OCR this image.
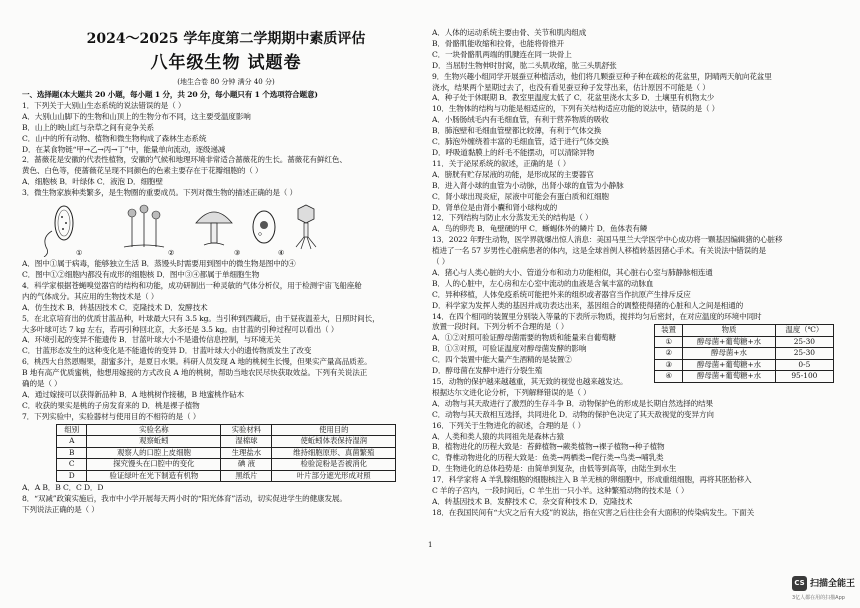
2024～2025 学年度第二学期期中素质评估
八年级生物 试题卷
(地生合卷 80 分钟 满分 40 分)
一、选择题(本大题共 20 小题，每小题 1 分，共 20 分，每小题只有 1 个选项符合题意)
1．下列关于大别山生态系统的说法错误的是（ ）
A．大别山山脚下的生物和山顶上的生物分布不同，这主要受温度影响
B．山上的映山红与杂草之间有竞争关系
C．山中的所有动物、植物和微生物构成了森林生态系统
D．在某食物链“甲→乙→丙→丁”中，能量单向流动，逐级递减
2．蔷薇花是安徽的代表性植物，安徽的气候和地理环境非常适合蔷薇花的生长。蔷薇花有鲜红色、
黄色、白色等，使蔷薇花呈现不同颜色的色素主要存在于花瓣细胞的（ ）
A．细胞核 B．叶绿体 C．液泡 D．细胞壁
3．微生物家族种类繁多，是生物圈的重要成员。下列对微生物的描述正确的是（ ）
①	②	③	④
A．图中①属于病毒，能够独立生活 B．蒸馒头时需要用到图中的微生物是图中的④
C．图中①②细胞内都没有成形的细胞核 D．图中③④都属于单细胞生物
4．科学家根据苍蝇嗅觉器官的结构和功能，成功研制出一种灵敏的气体分析仪，用于检测宇宙飞船座舱
内的气体成分。其应用的生物技术是（ ）
A．仿生技术 B．转基因技术 C．克隆技术 D．发酵技术
5．在北京培育出的优质甘蓝品种，叶球最大只有 3.5 kg。当引种到西藏后，由于昼夜温差大，日照时间长，
大多叶球可达 7 kg 左右，若再引种回北京，大多还是 3.5 kg。由甘蓝的引种过程可以看出（ ）
A．环境引起的变异不能遗传 B．甘蓝叶球大小不是遗传信息控制，与环境无关
C．甘蓝形态发生的这种变化是不能遗传的变异 D．甘蓝叶球大小的遗传物质发生了改变
6．桃西大自然恩赐果，甜蜜多汁，是夏日水果。科研人员发现 A 地的桃树生长慢，但果实产量高品质差。
B 地有高产优质蜜桃，他想用嫁接的方式改良 A 地的桃树，帮助当地农民尽快获取效益。下列有关说法正
确的是（ ）
A．通过嫁接可以获得新品种 B．A 地桃树作接穗，B 地蜜桃作砧木
C．收获的果实是桃的子房发育来的 D．桃是裸子植物
7．下列实验中，实验器材与使用目的不相符的是（ ）
组别	实验名称	实验材料	使用目的
A	观察蚯蚓	湿棉球	使蚯蚓体表保持湿润
B	观察人的口腔上皮细胞	生理盐水	维持细胞原形、真菌繁殖
C	探究馒头在口腔中的变化	碘 液	检验淀粉是否被消化
D	验证绿叶在光下制造有机物	黑纸片	叶片部分遮光形成对照
A．A B．B C．C D．D
8．“双减”政策实施后，我市中小学开展每天两小时的“阳光体育”活动，切实促进学生的健康发展。
下列说法正确的是（ ）
A．人体的运动系统主要由骨、关节和肌肉组成
B．骨骼肌能收缩和拉骨，也能将骨推开
C．一块骨骼肌两端的肌腱连在同一块骨上
D．当屈肘生物伸时肘窝，肱二头肌收缩，肱三头肌舒张
9．生物兴趣小组同学开展蚕豆种植活动，他们将几颗蚕豆种子种在疏松的花盆里，阴晴两天航向花盆里
浇水，结果两个星期过去了，也没有看见蚕豆种子发芽出来，估计原因不可能是（ ）
A．种子处于休眠期 B．教室里温度太低了 C．花盆里浇水太多 D．土壤里有机物太少
10．生物体的结构与功能是相适应的，下列有关结构适应功能的说法中，错误的是（ ）
A．小肠肠绒毛内有毛细血管，有利于营养物质的吸收
B．肺泡壁和毛细血管壁都比较薄，有利于气体交换
C．肺泡外缠绕着丰富的毛细血管，适于进行气体交换
D．呼吸道黏膜上的纤毛不能摆动，可以清除异物
11．关于泌尿系统的叙述，正确的是（ ）
A．膀胱有贮存尿液的功能，是形成尿的主要器官
B．进入肾小球的血管为小动脉，出肾小球的血管为小静脉
C．肾小球出现炎症，尿液中可能会有蛋白质和红细胞
D．肾单位是由肾小囊和肾小球构成的
12．下列结构与防止水分蒸发无关的结构是（ ）
A．鸟的卵壳 B．龟壁硬的甲 C．蜥蜴体外的鳞片 D．鱼体表有鳞
13．2022 年野生动物，医学界就爆出惊人消息：美国马里兰大学医学中心成功将一颗基因编辑猪的心脏移
植进了一名 57 岁男性心脏病患者的体内，这是全球首例人移植转基因猪心手术。有关说法中错误的是
（ ）
A．猪心与人类心脏的大小、管道分布和动力功能相似，其心脏右心室与肺静脉相连通
B．人的心脏中，左心房和左心室中流动的血液是含氧丰富的动脉血
C．异种移植，人体免疫系统可能把外来的组织或者器官当作抗原产生排斥反应
D．科学家为发挥人类的基因并成功表达出来，基因组合的调整使得猪的心脏和人之间是相通的
14．在四个相同的装置里分别装入等量的下表所示物质，搅拌均匀后密封，在对应温度的环境中同时
放置一段时间。下列分析不合理的是（ ）
A．①②对照可验证醇母菌需要的物质和能量来自葡萄糖
B．①③对照，可验证温度对醇母菌发酵的影响
C．四个装置中能大量产生酒精的是装置②
D．醇母菌在发酵中进行分裂生殖
15．动物的保护越来越越重，其无致的视觉也越来越发达。
根据达尔文进化论分析，下列解释错误的是（ ）
A．动物与其天敌进行了激烈的生存斗争 B．动物保护色的形成是长期自然选择的结果
C．动物与其天敌相互选择，共同进化 D．动物的保护色决定了其天敌视觉的变异方向
16．下列关于生物进化的叙述，合理的是（ ）
A．人类和类人猿的共同祖先是森林古猿
B．植物进化的历程大致是：苔藓植物→蕨类植物→裸子植物→种子植物
C．脊椎动物进化的历程大致是：鱼类→两栖类→爬行类→鸟类→哺乳类
D．生物进化的总体趋势是：由简单到复杂，由低等到高等，由陆生到水生
17．科学家将 A 羊乳腺细胞的细胞核注入 B 羊无核的卵细胞中，形成重组细胞，再将其胚胎移入
C 羊的子宫内，一段时间后，C 羊生出一只小羊。这种繁殖动物的技术是（ ）
A．转基因技术 B．发酵技术 C．杂交育种技术 D．克隆技术
18．在我国民间有“大灾之后有大疫”的说法，指在灾害之后往往会有大面积的传染病发生。下面关
装置	物质	温度（℃）
①	醇母菌+葡萄糖+水	25-30
②	醇母菌+水	25-30
③	醇母菌+葡萄糖+水	0-5
④	醇母菌+葡萄糖+水	95-100
1
CS 扫描全能王
3亿人都在用的扫描App
